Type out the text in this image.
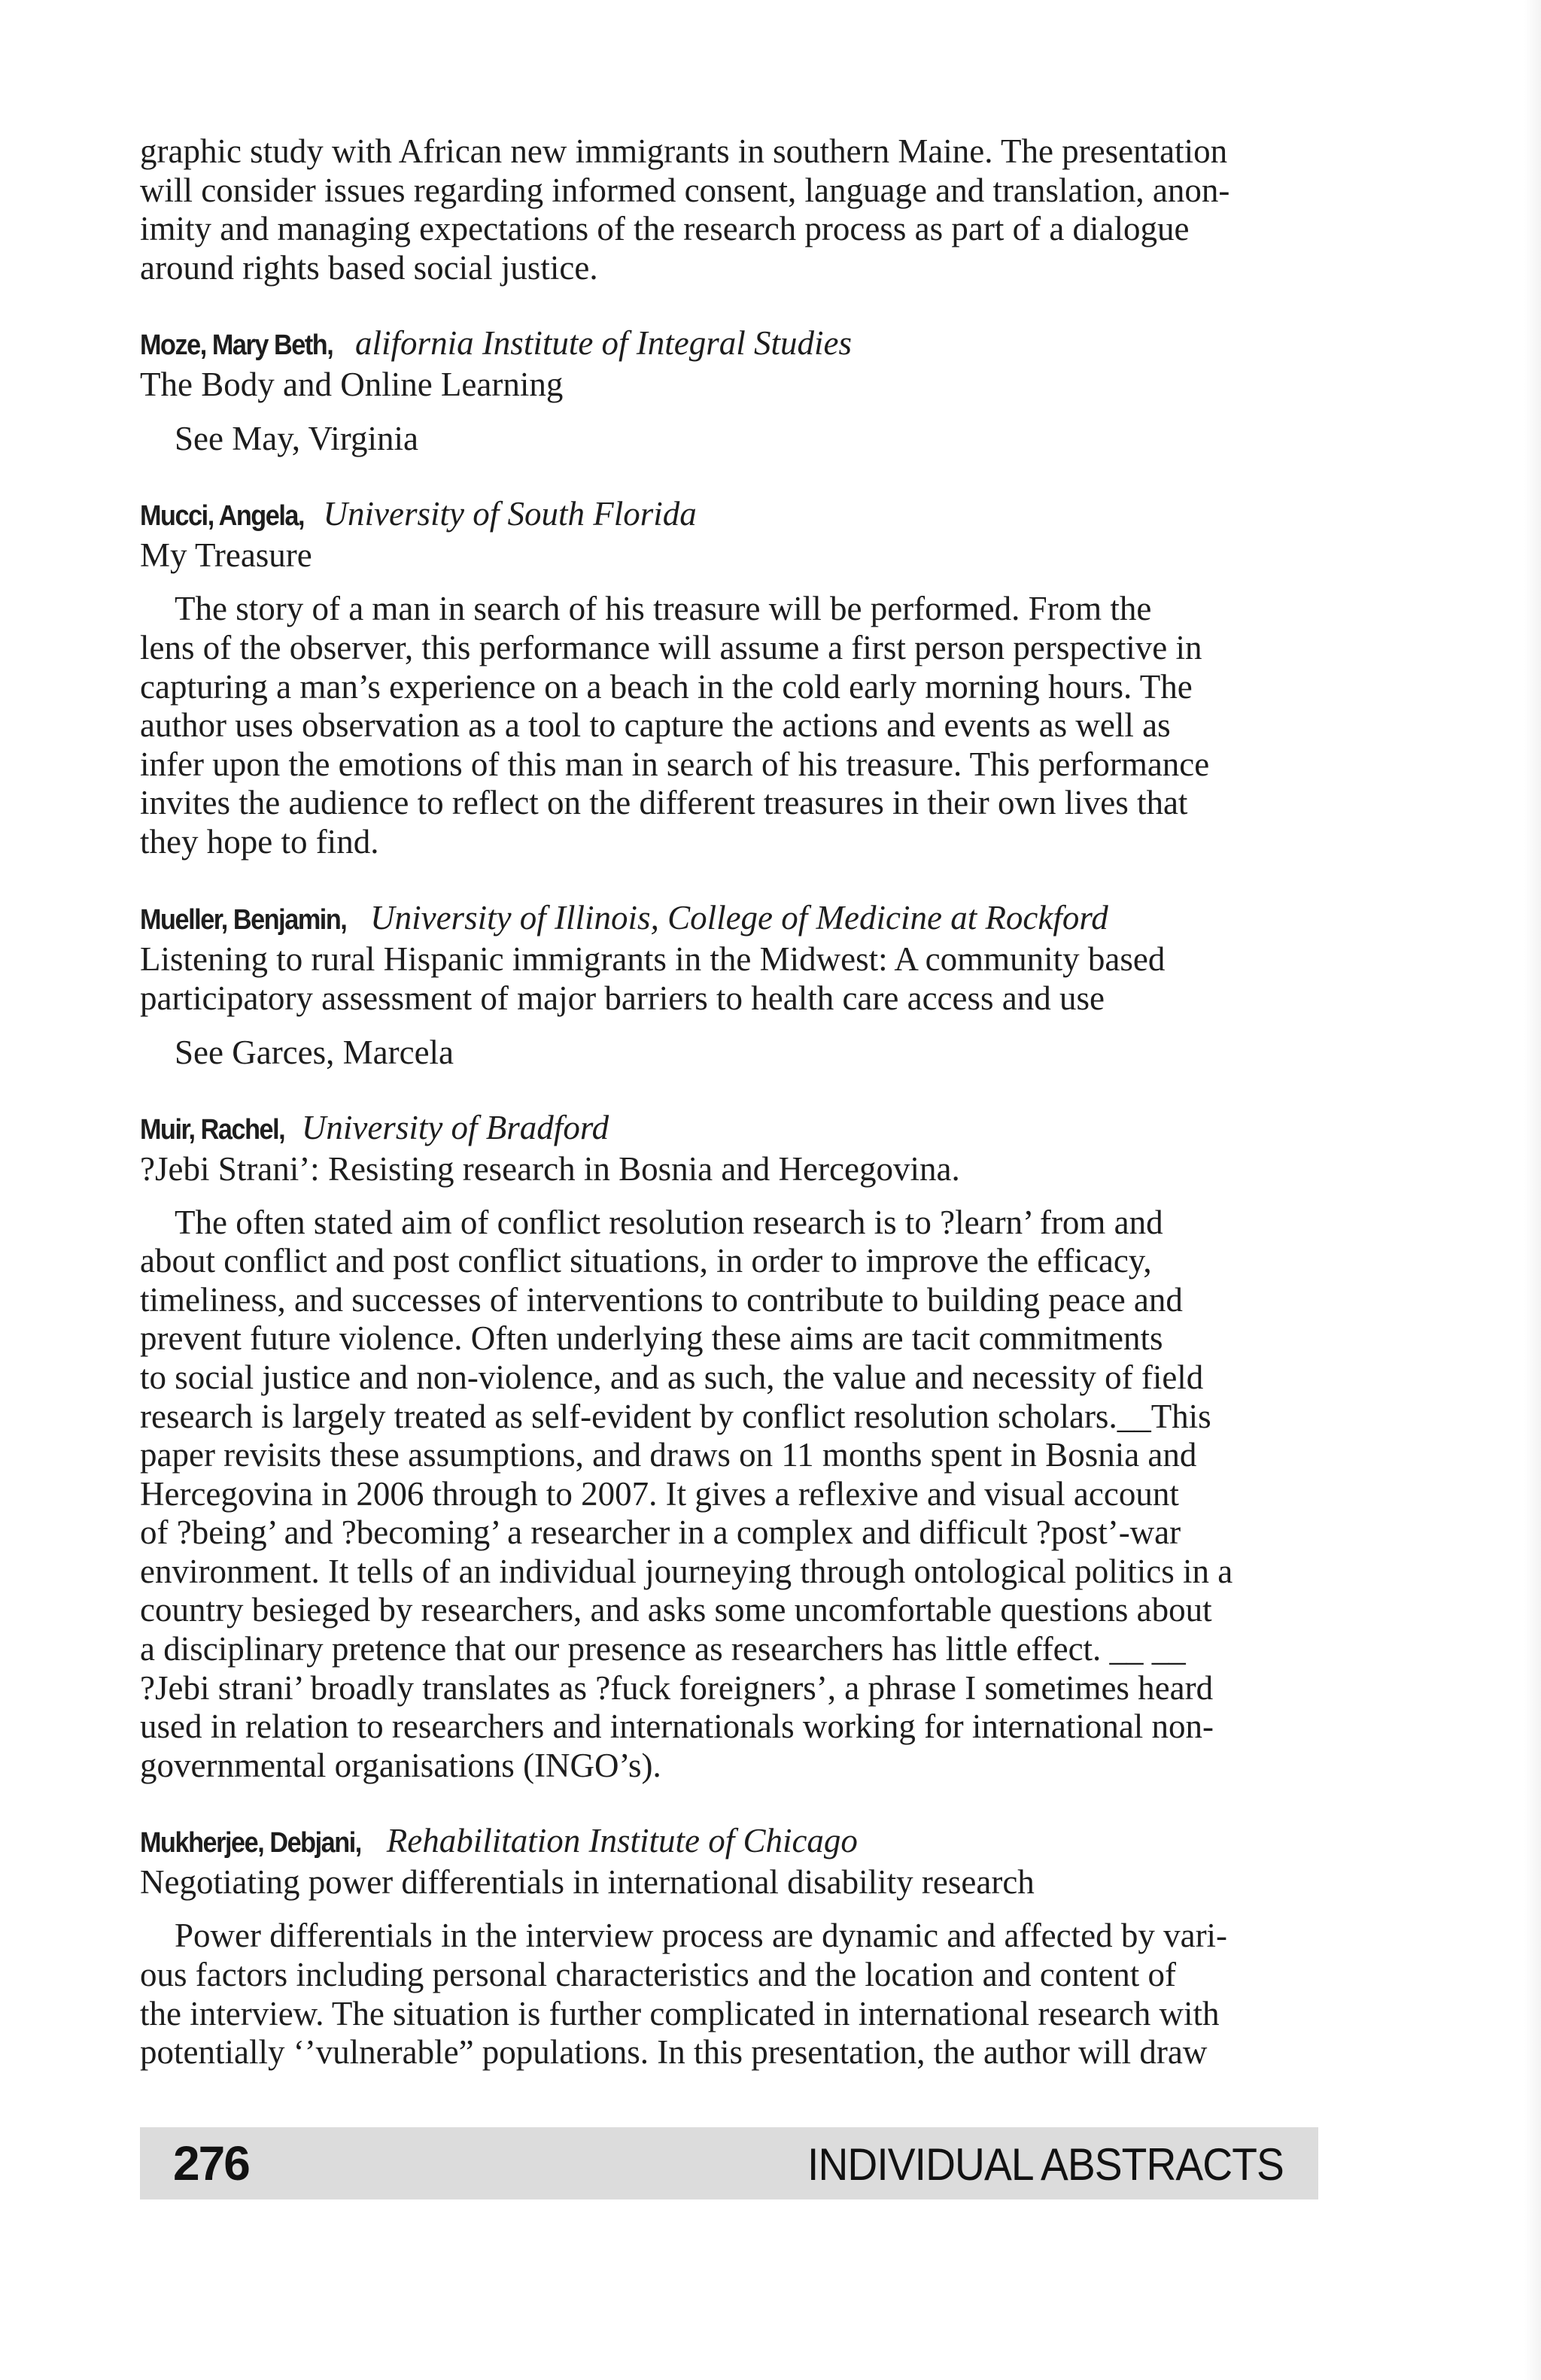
graphic study with African new immigrants in southern Maine. The presentation
will consider issues regarding informed consent, language and translation, anon-
imity and managing expectations of the research process as part of a dialogue
around rights based social justice.

Moze, Mary Beth, alifornia Institute of Integral Studies
The Body and Online Learning
See May, Virginia
Mucci, Angela, University of South Florida
My Treasure

The story of a man in search of his treasure will be performed. From the
lens of the observer, this performance will assume a first person perspective in
capturing a man’s experience on a beach in the cold early morning hours. The
author uses observation as a tool to capture the actions and events as well as
infer upon the emotions of this man in search of his treasure. This performance
invites the audience to reflect on the different treasures in their own lives that
they hope to find.

Mueller, Benjamin, University of Illinois, College of Medicine at Rockford
Listening to rural Hispanic immigrants in the Midwest: A community based
participatory assessment of major barriers to health care access and use
See Garces, Marcela
Muir, Rachel, University of Bradford
?Jebi Strani’: Resisting research in Bosnia and Hercegovina.

The often stated aim of conflict resolution research is to ?learn’ from and
about conflict and post conflict situations, in order to improve the efficacy,
timeliness, and successes of interventions to contribute to building peace and
prevent future violence. Often underlying these aims are tacit commitments
to social justice and non-violence, and as such, the value and necessity of field
research is largely treated as self-evident by conflict resolution scholars.__This
paper revisits these assumptions, and draws on 11 months spent in Bosnia and
Hercegovina in 2006 through to 2007. It gives a reflexive and visual account
of ?being’ and ?becoming’ a researcher in a complex and difficult ?post’-war
environment. It tells of an individual journeying through ontological politics in a
country besieged by researchers, and asks some uncomfortable questions about
a disciplinary pretence that our presence as researchers has little effect. __ __
?Jebi strani’ broadly translates as ?fuck foreigners’, a phrase I sometimes heard
used in relation to researchers and internationals working for international non-
governmental organisations (INGO’s).

Mukherjee, Debjani, Rehabilitation Institute of Chicago
Negotiating power differentials in international disability research

Power differentials in the interview process are dynamic and affected by vari-
ous factors including personal characteristics and the location and content of
the interview. The situation is further complicated in international research with
potentially ‘’vulnerable” populations. In this presentation, the author will draw

276	INDIVIDUAL ABSTRACTS
